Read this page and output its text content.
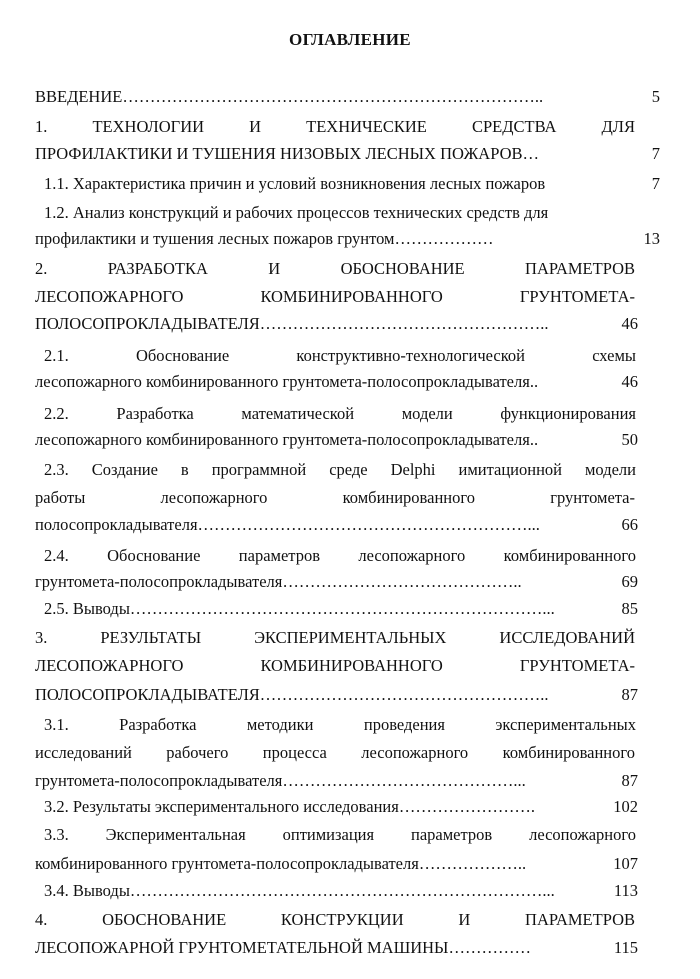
ОГЛАВЛЕНИЕ
ВВЕДЕНИЕ…………………………………………………………………..	5
1. ТЕХНОЛОГИИ И ТЕХНИЧЕСКИЕ СРЕДСТВА ДЛЯ
ПРОФИЛАКТИКИ И ТУШЕНИЯ НИЗОВЫХ ЛЕСНЫХ ПОЖАРОВ…	7
1.1. Характеристика причин и условий возникновения лесных пожаров	7
1.2. Анализ конструкций и рабочих процессов технических средств для
профилактики и тушения лесных пожаров грунтом………………	13
2. РАЗРАБОТКА И ОБОСНОВАНИЕ ПАРАМЕТРОВ
ЛЕСОПОЖАРНОГО КОМБИНИРОВАННОГО ГРУНТОМЕТА-
ПОЛОСОПРОКЛАДЫВАТЕЛЯ……………………………………………..	46
2.1. Обоснование конструктивно-технологической схемы
лесопожарного комбинированного грунтомета-полосопрокладывателя..	46
2.2. Разработка математической модели функционирования
лесопожарного комбинированного грунтомета-полосопрокладывателя..	50
2.3. Создание в программной среде Delphi имитационной модели
работы лесопожарного комбинированного грунтомета-
полосопрокладывателя……………………………………………………...	66
2.4. Обоснование параметров лесопожарного комбинированного
грунтомета-полосопрокладывателя……………………………………..	69
2.5. Выводы…………………………………………………………………...	85
3. РЕЗУЛЬТАТЫ ЭКСПЕРИМЕНТАЛЬНЫХ ИССЛЕДОВАНИЙ
ЛЕСОПОЖАРНОГО КОМБИНИРОВАННОГО ГРУНТОМЕТА-
ПОЛОСОПРОКЛАДЫВАТЕЛЯ……………………………………………..	87
3.1. Разработка методики проведения экспериментальных
исследований рабочего процесса лесопожарного комбинированного
грунтомета-полосопрокладывателя……………………………………...	87
3.2. Результаты экспериментального исследования…………………….	102
3.3. Экспериментальная оптимизация параметров лесопожарного
комбинированного грунтомета-полосопрокладывателя………………..	107
3.4. Выводы…………………………………………………………………...	113
4. ОБОСНОВАНИЕ КОНСТРУКЦИИ И ПАРАМЕТРОВ
ЛЕСОПОЖАРНОЙ ГРУНТОМЕТАТЕЛЬНОЙ МАШИНЫ……………	115
